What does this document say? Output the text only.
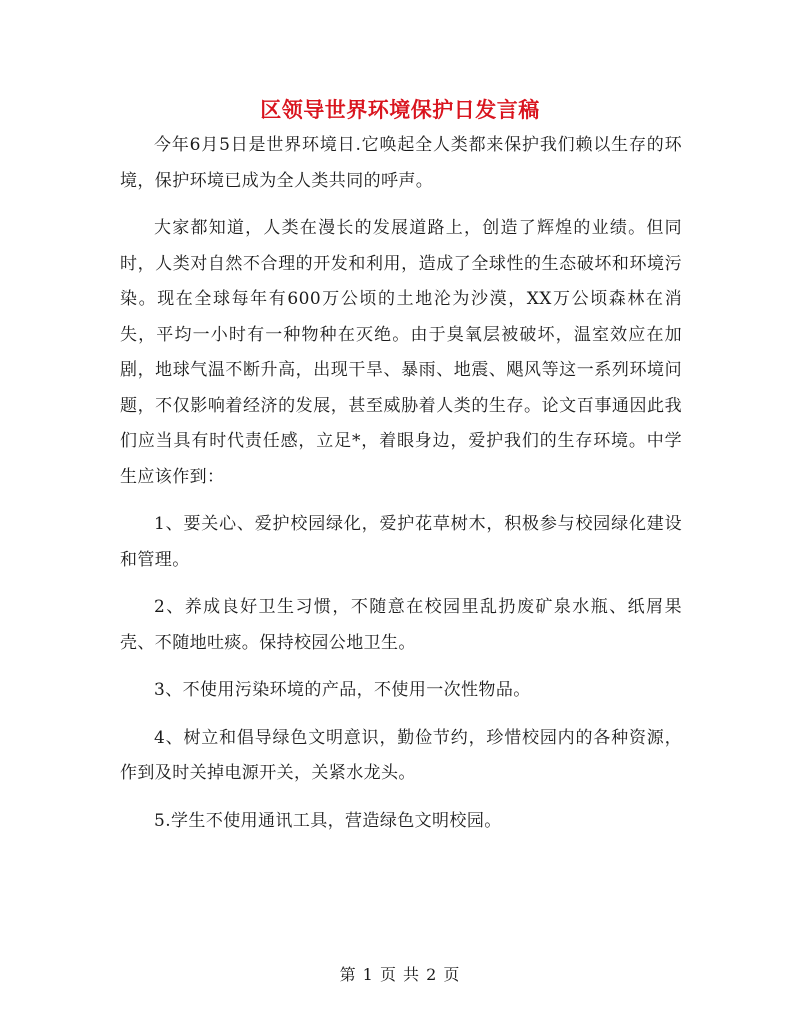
区领导世界环境保护日发言稿

今年6月5日是世界环境日.它唤起全人类都来保护我们赖以生存的环境，保护环境已成为全人类共同的呼声。

大家都知道，人类在漫长的发展道路上，创造了辉煌的业绩。但同时，人类对自然不合理的开发和利用，造成了全球性的生态破坏和环境污染。现在全球每年有600万公顷的土地沦为沙漠，XX万公顷森林在消失，平均一小时有一种物种在灭绝。由于臭氧层被破坏，温室效应在加剧，地球气温不断升高，出现干旱、暴雨、地震、飓风等这一系列环境问题，不仅影响着经济的发展，甚至威胁着人类的生存。论文百事通因此我们应当具有时代责任感，立足*，着眼身边，爱护我们的生存环境。中学生应该作到：

1、要关心、爱护校园绿化，爱护花草树木，积极参与校园绿化建设和管理。

2、养成良好卫生习惯，不随意在校园里乱扔废矿泉水瓶、纸屑果壳、不随地吐痰。保持校园公地卫生。

3、不使用污染环境的产品，不使用一次性物品。

4、树立和倡导绿色文明意识，勤俭节约，珍惜校园内的各种资源，作到及时关掉电源开关，关紧水龙头。

5.学生不使用通讯工具，营造绿色文明校园。

第 1 页 共 2 页
